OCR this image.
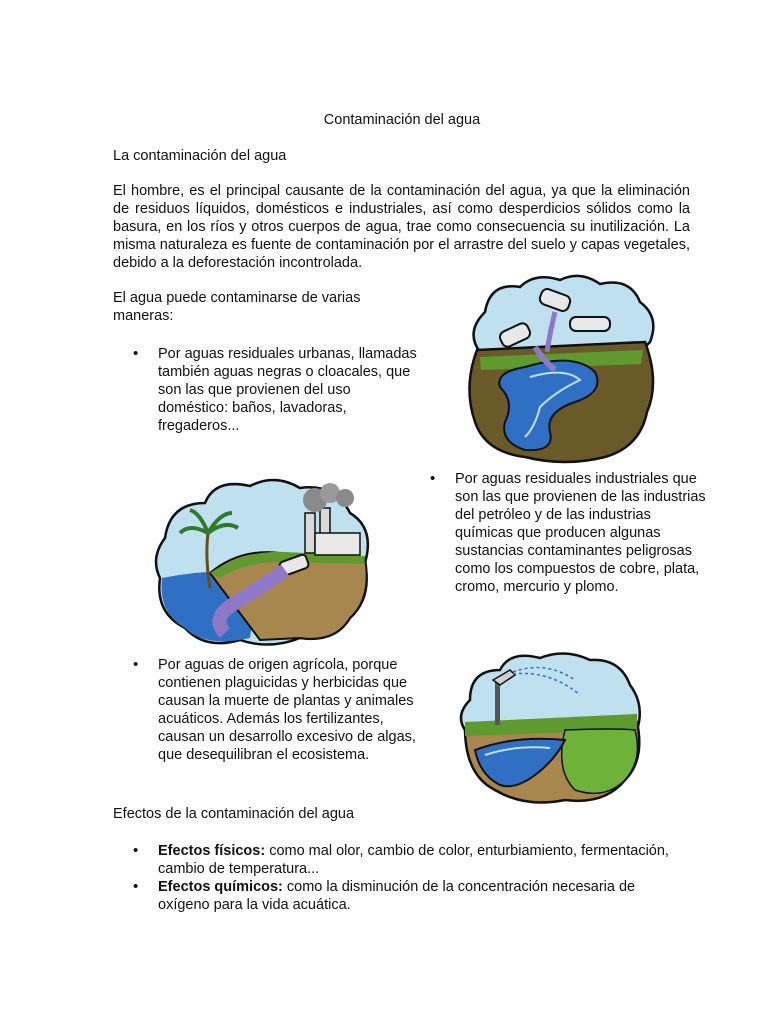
Contaminación del agua
La contaminación del agua
El hombre, es el principal causante de la contaminación del agua, ya que la eliminación de residuos líquidos, domésticos e industriales, así como desperdicios sólidos como la basura, en los ríos y otros cuerpos de agua, trae como consecuencia su inutilización. La misma naturaleza es fuente de contaminación por el arrastre del suelo y capas vegetales, debido a la deforestación incontrolada.
El agua puede contaminarse de varias maneras:
• Por aguas residuales urbanas, llamadas también aguas negras o cloacales, que son las que provienen del uso doméstico: baños, lavadoras, fregaderos...
• Por aguas residuales industriales que son las que provienen de las industrias del petróleo y de las industrias químicas que producen algunas sustancias contaminantes peligrosas como los compuestos de cobre, plata, cromo, mercurio y plomo.
• Por aguas de origen agrícola, porque contienen plaguicidas y herbicidas que causan la muerte de plantas y animales acuáticos. Además los fertilizantes, causan un desarrollo excesivo de algas, que desequilibran el ecosistema.
Efectos de la contaminación del agua
• Efectos físicos: como mal olor, cambio de color, enturbiamiento, fermentación, cambio de temperatura...
• Efectos químicos: como la disminución de la concentración necesaria de oxígeno para la vida acuática.
